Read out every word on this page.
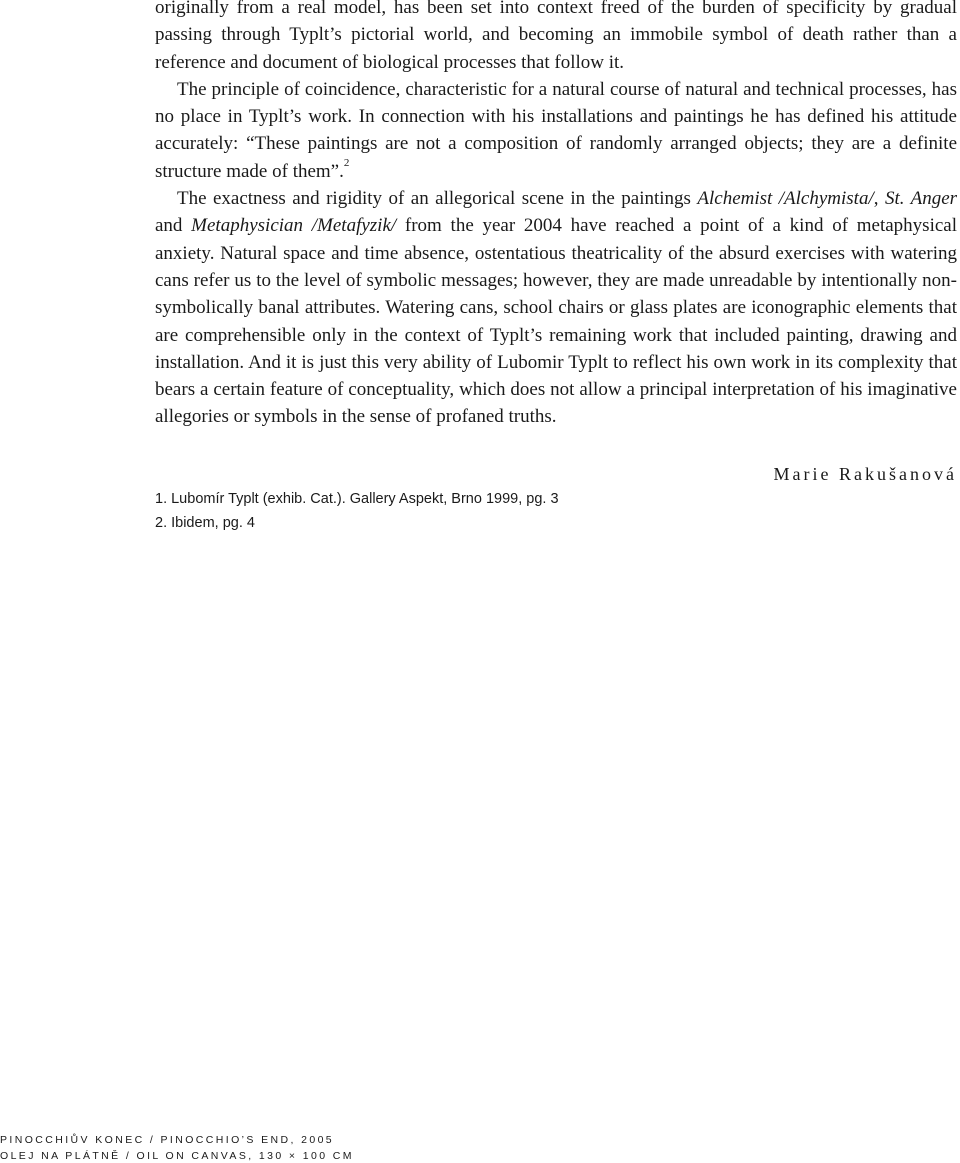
originally from a real model, has been set into context freed of the burden of specificity by gradual passing through Typlt’s pictorial world, and becoming an immobile symbol of death rather than a reference and document of biological processes that follow it.

The principle of coincidence, characteristic for a natural course of natural and technical processes, has no place in Typlt’s work. In connection with his installations and paintings he has defined his attitude accurately: “These paintings are not a composition of randomly arranged objects; they are a definite structure made of them”.$^2$

The exactness and rigidity of an allegorical scene in the paintings Alchemist /Alchymista/, St. Anger and Metaphysician /Metafyzik/ from the year 2004 have reached a point of a kind of metaphysical anxiety. Natural space and time absence, ostentatious theatricality of the absurd exercises with watering cans refer us to the level of symbolic messages; however, they are made unreadable by intentionally non-symbolically banal attributes. Watering cans, school chairs or glass plates are iconographic elements that are comprehensible only in the context of Typlt’s remaining work that included painting, drawing and installation. And it is just this very ability of Lubomir Typlt to reflect his own work in its complexity that bears a certain feature of conceptuality, which does not allow a principal interpretation of his imaginative allegories or symbols in the sense of profaned truths.

Marie Rakušanová
1. Lubomír Typlt (exhib. Cat.). Gallery Aspekt, Brno 1999, pg. 3
2. Ibidem, pg. 4
PINOCCHIŮV KONEC / PINOCCHIO’S END, 2005
OLEJ NA PLÁTNĚ / OIL ON CANVAS, 130 × 100 CM
